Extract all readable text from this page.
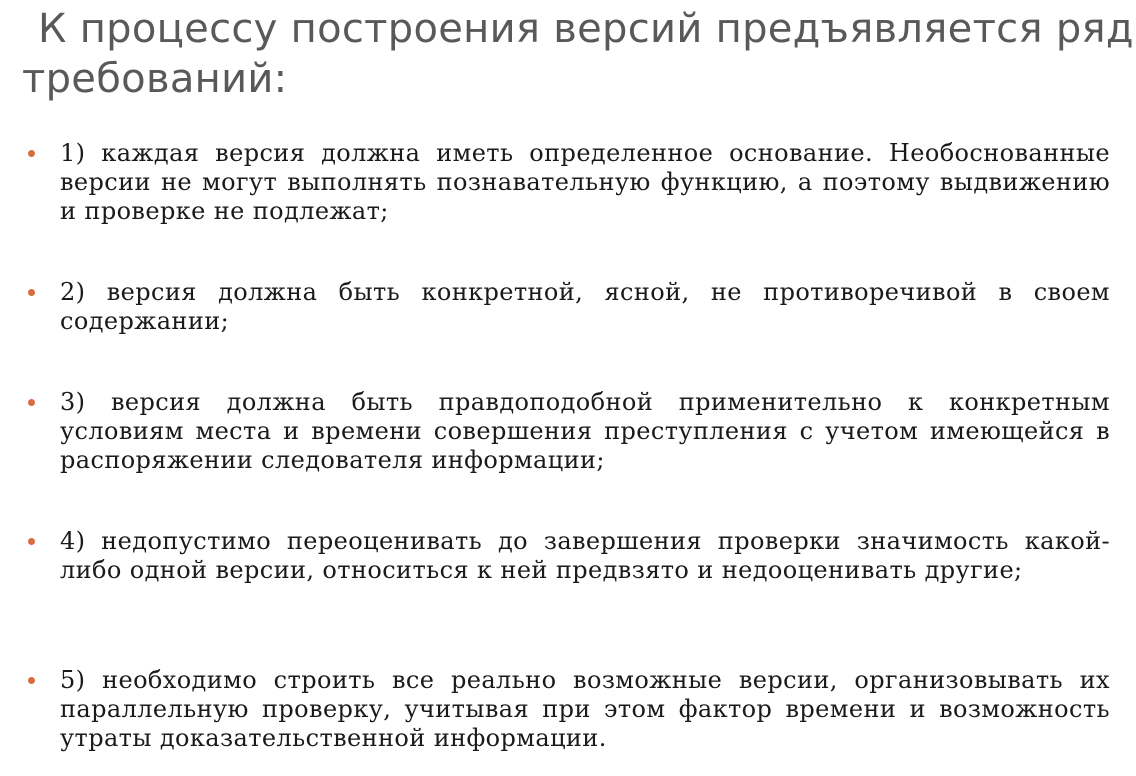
К процессу построения версий предъявляется ряд
требований:
1) каждая версия должна иметь определенное основание. Необоснованные версии не могут выполнять познавательную функцию, а поэтому выдвижению и проверке не подлежат;
2) версия должна быть конкретной, ясной, не противоречивой в своем содержании;
3) версия должна быть правдоподобной применительно к конкретным условиям места и времени совершения преступления с учетом имеющейся в распоряжении следователя информации;
4) недопустимо переоценивать до завершения проверки значимость какой-либо одной версии, относиться к ней предвзято и недооценивать другие;
5) необходимо строить все реально возможные версии, организовывать их параллельную проверку, учитывая при этом фактор времени и возможность утраты доказательственной информации.
